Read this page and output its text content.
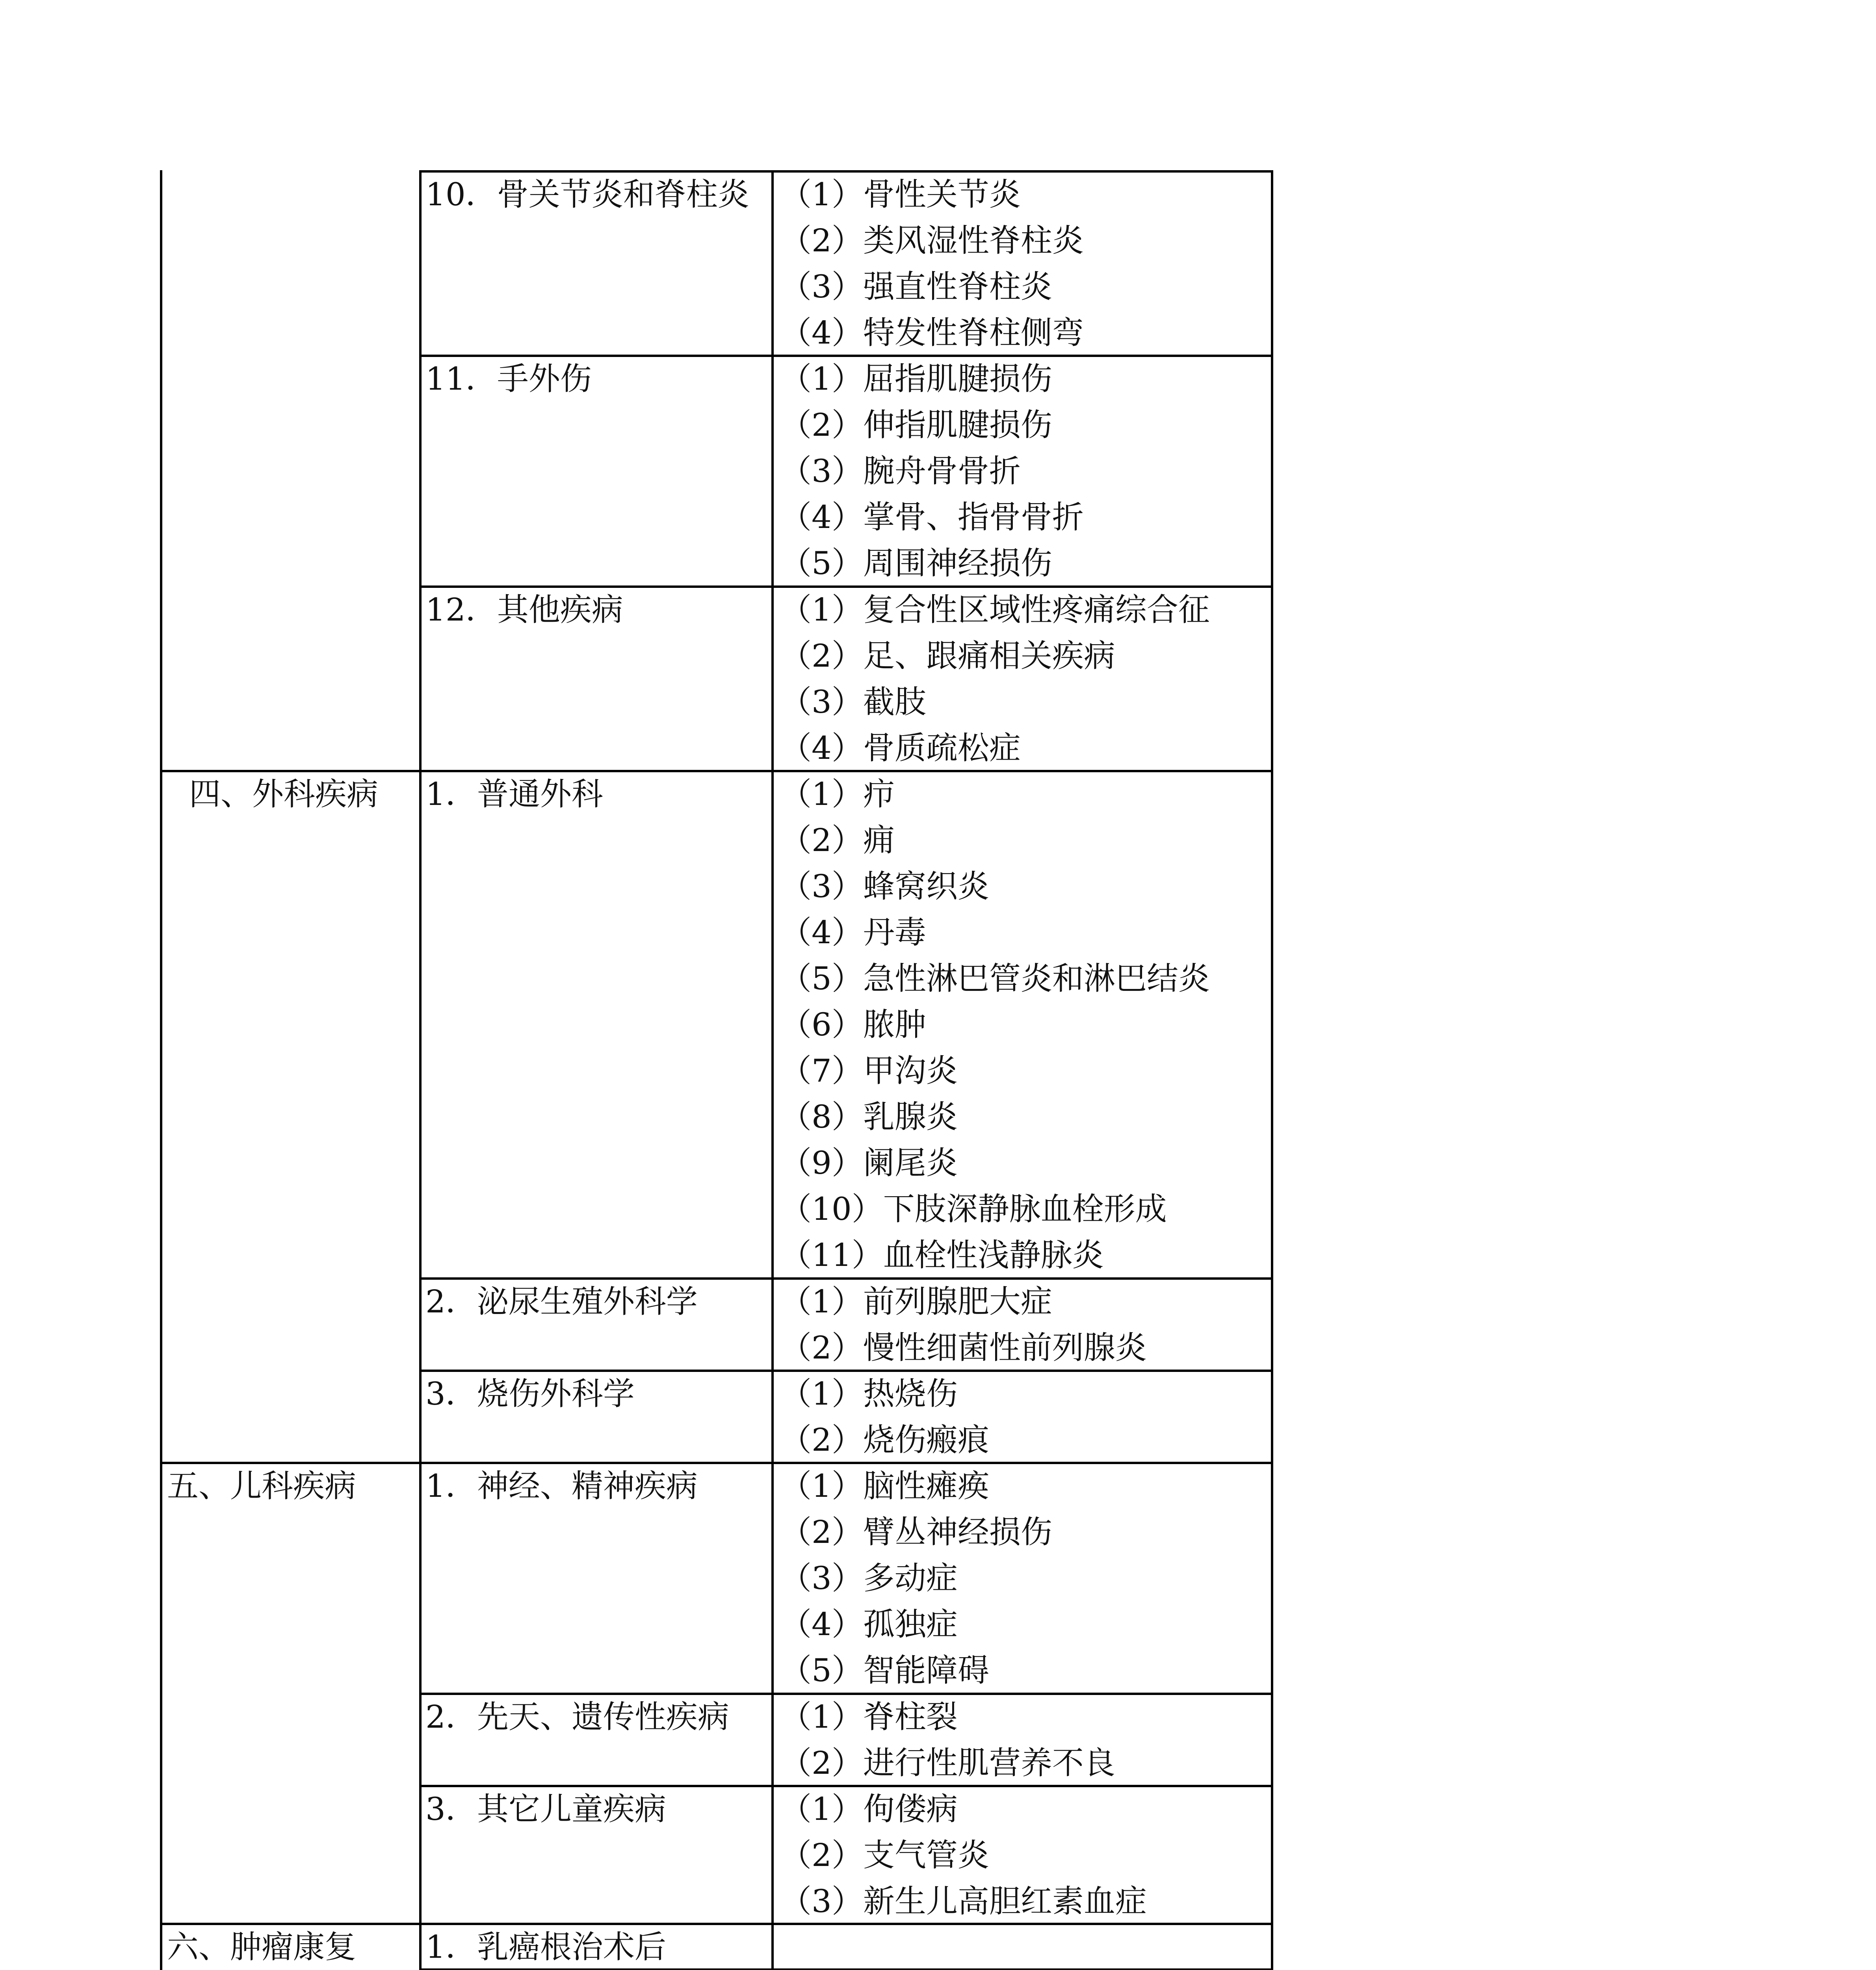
10．骨关节炎和脊柱炎 （1）骨性关节炎
（2）类风湿性脊柱炎
（3）强直性脊柱炎
（4）特发性脊柱侧弯
11．手外伤	（1）屈指肌腱损伤
（2）伸指肌腱损伤
（3）腕舟骨骨折
（4）掌骨、指骨骨折
（5）周围神经损伤
12．其他疾病	（1）复合性区域性疼痛综合征
（2）足、跟痛相关疾病
（3）截肢
（4）骨质疏松症
四、外科疾病 1．普通外科	（1）疖
（2）痈
（3）蜂窝织炎
（4）丹毒
（5）急性淋巴管炎和淋巴结炎
（6）脓肿
（7）甲沟炎
（8）乳腺炎
（9）阑尾炎
（10）下肢深静脉血栓形成
（11）血栓性浅静脉炎
2．泌尿生殖外科学	（1）前列腺肥大症
（2）慢性细菌性前列腺炎
3．烧伤外科学	（1）热烧伤
（2）烧伤瘢痕
五、儿科疾病 1．神经、精神疾病	（1）脑性瘫痪
（2）臂丛神经损伤
（3）多动症
（4）孤独症
（5）智能障碍
2．先天、遗传性疾病 （1）脊柱裂
（2）进行性肌营养不良
3．其它儿童疾病	（1）佝偻病
（2）支气管炎
（3）新生儿高胆红素血症
六、肿瘤康复 1．乳癌根治术后
